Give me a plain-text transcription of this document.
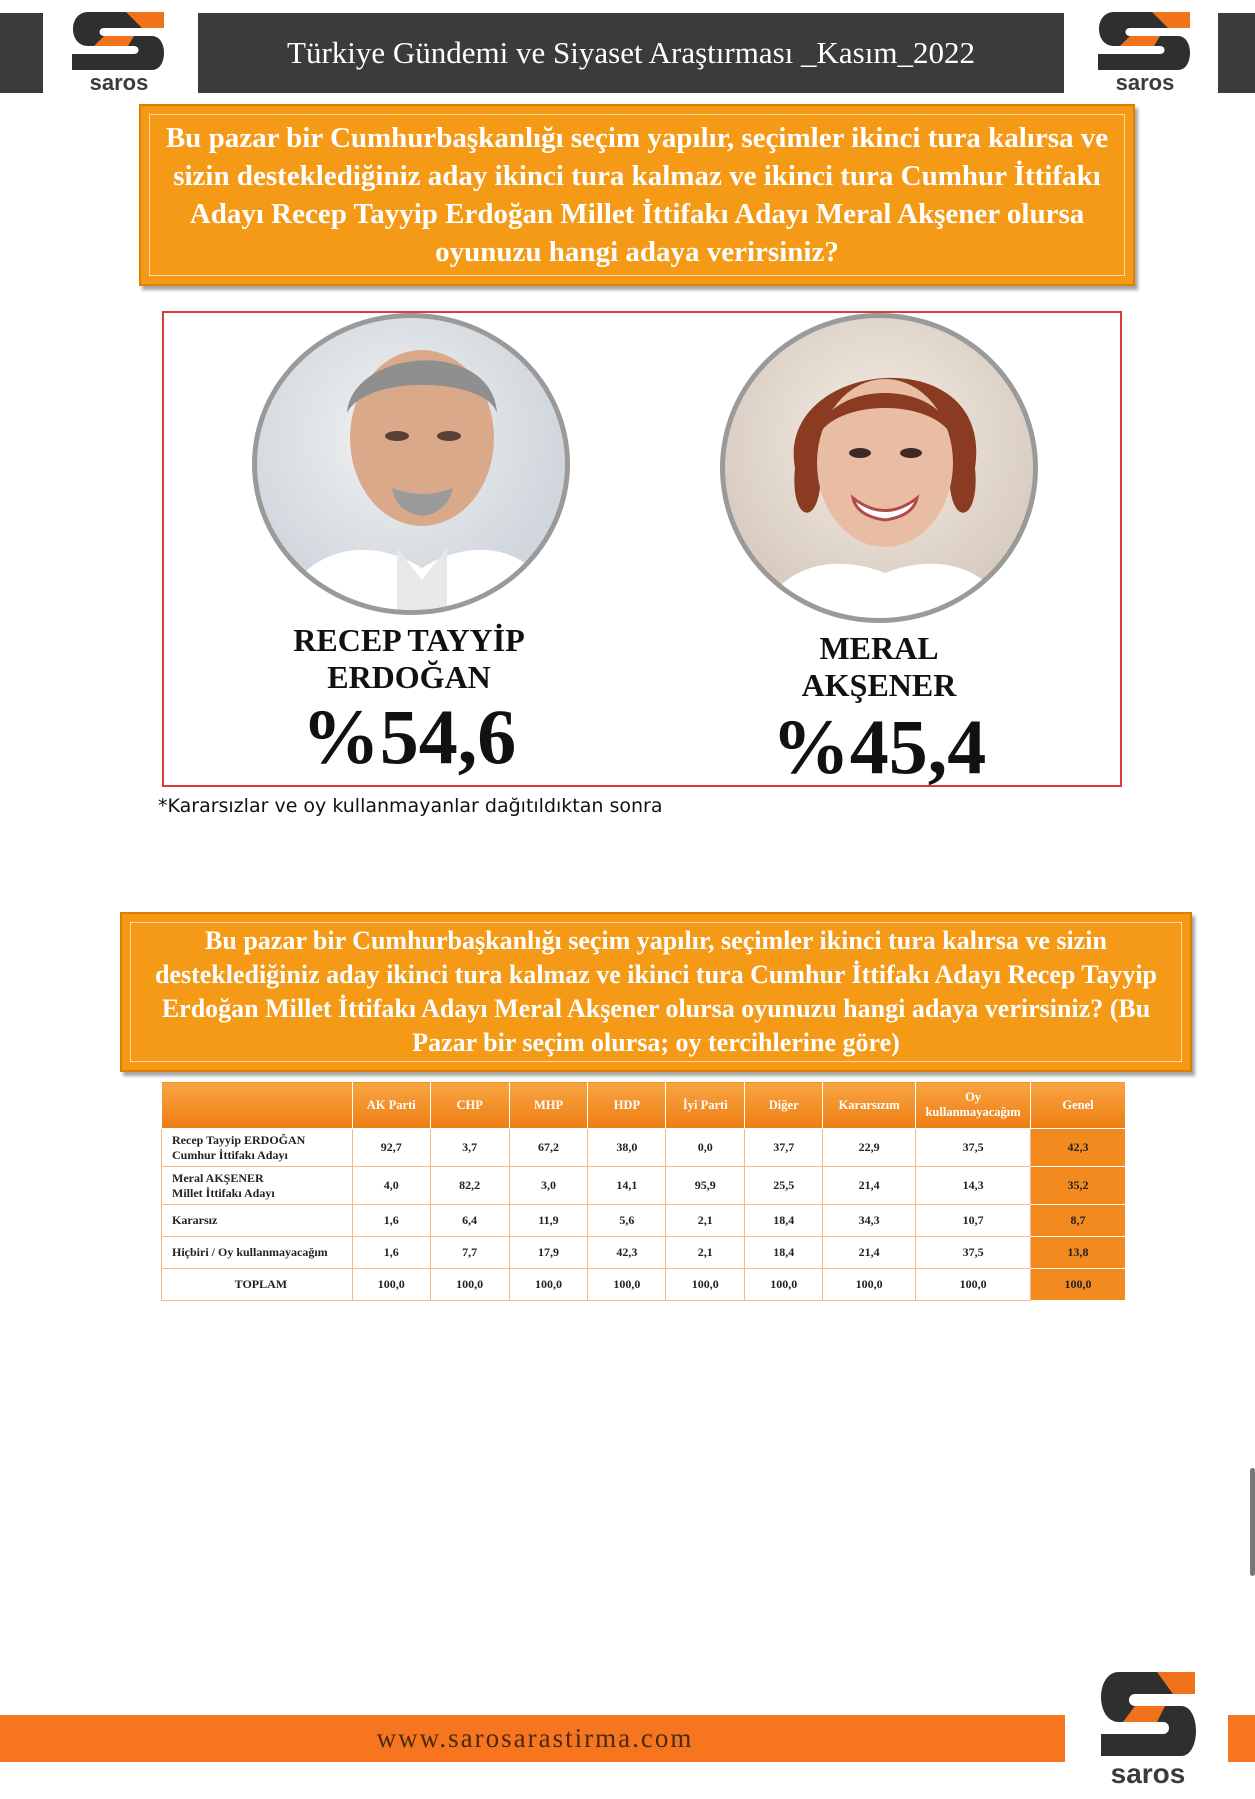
saros
Türkiye Gündemi ve Siyaset Araştırması _Kasım_2022
saros
Bu pazar bir Cumhurbaşkanlığı seçim yapılır, seçimler ikinci tura kalırsa ve sizin desteklediğiniz aday ikinci tura kalmaz ve ikinci tura Cumhur İttifakı Adayı Recep Tayyip Erdoğan Millet İttifakı Adayı Meral Akşener olursa oyunuzu hangi adaya verirsiniz?
RECEP TAYYİP
ERDOĞAN
%54,6
MERAL
AKŞENER
%45,4
*Kararsızlar ve oy kullanmayanlar dağıtıldıktan sonra
Bu pazar bir Cumhurbaşkanlığı seçim yapılır, seçimler ikinci tura kalırsa ve sizin desteklediğiniz aday ikinci tura kalmaz ve ikinci tura Cumhur İttifakı Adayı Recep Tayyip Erdoğan Millet İttifakı Adayı Meral Akşener olursa oyunuzu hangi adaya verirsiniz? (Bu Pazar bir seçim olursa; oy tercihlerine göre)
	AK Parti	CHP	MHP	HDP	İyi Parti	Diğer	Kararsızım	Oy kullanmayacağım	Genel

Recep Tayyip ERDOĞAN
Cumhur İttifakı Adayı	92,7	3,7	67,2	38,0	0,0	37,7	22,9	37,5	42,3

Meral AKŞENER
Millet İttifakı Adayı	4,0	82,2	3,0	14,1	95,9	25,5	21,4	14,3	35,2
Kararsız	1,6	6,4	11,9	5,6	2,1	18,4	34,3	10,7	8,7
Hiçbiri / Oy kullanmayacağım	1,6	7,7	17,9	42,3	2,1	18,4	21,4	37,5	13,8
TOPLAM	100,0	100,0	100,0	100,0	100,0	100,0	100,0	100,0	100,0
www.sarosarastirma.com
saros
